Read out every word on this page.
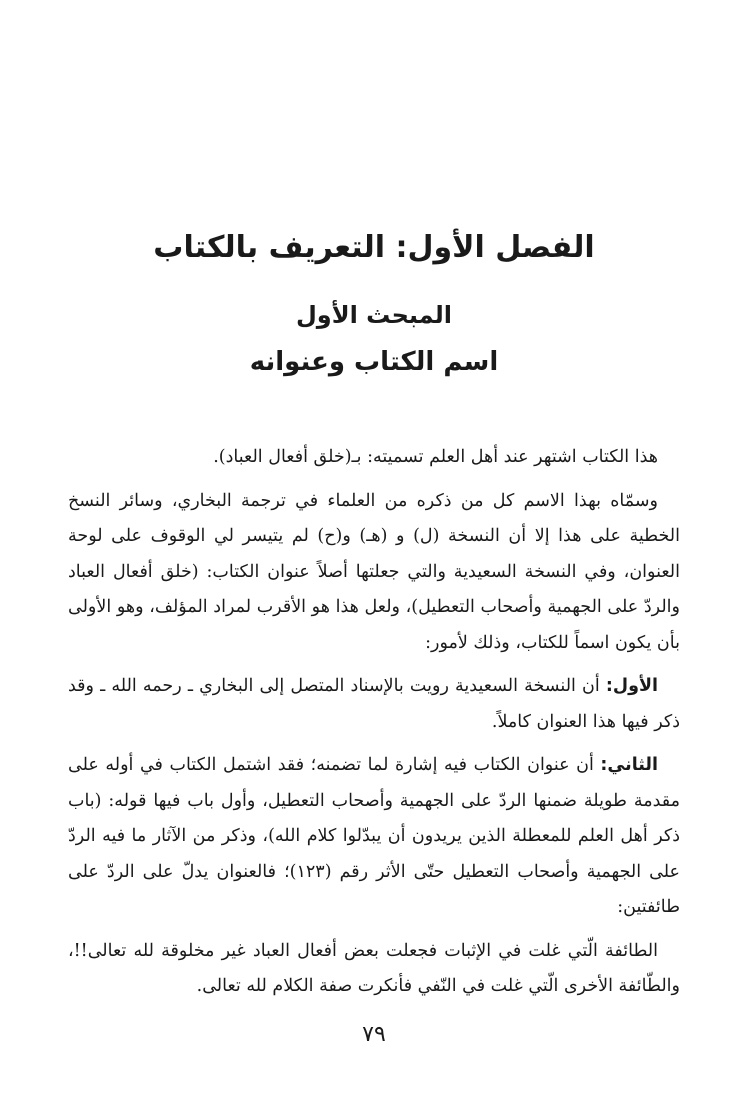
الفصل الأول: التعريف بالكتاب
المبحث الأول
اسم الكتاب وعنوانه

هذا الكتاب اشتهر عند أهل العلم تسميته: بـ(خلق أفعال العباد).

وسمّاه بهذا الاسم كل من ذكره من العلماء في ترجمة البخاري، وسائر النسخ الخطية على هذا إلا أن النسخة (ل) و (هـ) و(ح) لم يتيسر لي الوقوف على لوحة العنوان، وفي النسخة السعيدية والتي جعلتها أصلاً عنوان الكتاب: (خلق أفعال العباد والردّ على الجهمية وأصحاب التعطيل)، ولعل هذا هو الأقرب لمراد المؤلف، وهو الأولى بأن يكون اسماً للكتاب، وذلك لأمور:

الأول: أن النسخة السعيدية رويت بالإسناد المتصل إلى البخاري ـ رحمه الله ـ وقد ذكر فيها هذا العنوان كاملاً.

الثاني: أن عنوان الكتاب فيه إشارة لما تضمنه؛ فقد اشتمل الكتاب في أوله على مقدمة طويلة ضمنها الردّ على الجهمية وأصحاب التعطيل، وأول باب فيها قوله: (باب ذكر أهل العلم للمعطلة الذين يريدون أن يبدّلوا كلام الله)، وذكر من الآثار ما فيه الردّ على الجهمية وأصحاب التعطيل حتّى الأثر رقم (١٢٣)؛ فالعنوان يدلّ على الردّ على طائفتين:

الطائفة الّتي غلت في الإثبات فجعلت بعض أفعال العباد غير مخلوقة لله تعالى!!، والطّائفة الأخرى الّتي غلت في النّفي فأنكرت صفة الكلام لله تعالى.

٧٩
